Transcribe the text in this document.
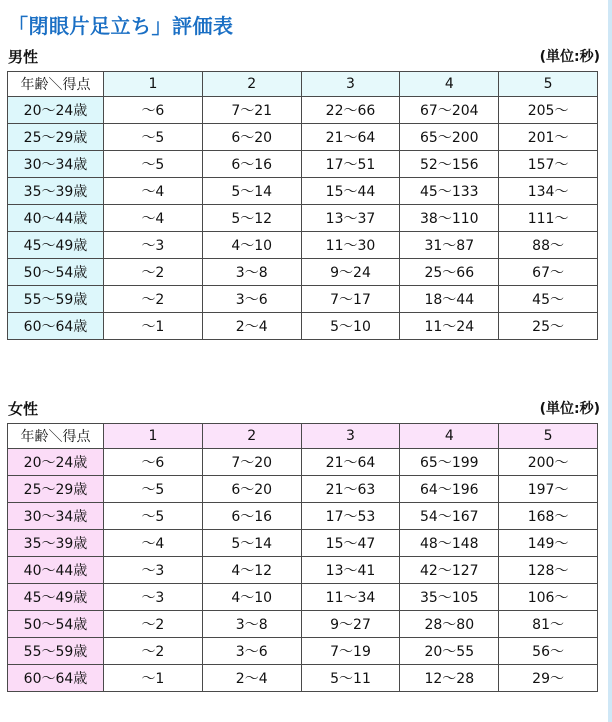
「閉眼片足立ち」評価表
男性	(単位:秒)
年齢＼得点	1	2	3	4	5
20～24歳	～6	7～21	22～66	67～204	205～
25～29歳	～5	6～20	21～64	65～200	201～
30～34歳	～5	6～16	17～51	52～156	157～
35～39歳	～4	5～14	15～44	45～133	134～
40～44歳	～4	5～12	13～37	38～110	111～
45～49歳	～3	4～10	11～30	31～87	88～
50～54歳	～2	3～8	9～24	25～66	67～
55～59歳	～2	3～6	7～17	18～44	45～
60～64歳	～1	2～4	5～10	11～24	25～
女性	(単位:秒)
年齢＼得点	1	2	3	4	5
20～24歳	～6	7～20	21～64	65～199	200～
25～29歳	～5	6～20	21～63	64～196	197～
30～34歳	～5	6～16	17～53	54～167	168～
35～39歳	～4	5～14	15～47	48～148	149～
40～44歳	～3	4～12	13～41	42～127	128～
45～49歳	～3	4～10	11～34	35～105	106～
50～54歳	～2	3～8	9～27	28～80	81～
55～59歳	～2	3～6	7～19	20～55	56～
60～64歳	～1	2～4	5～11	12～28	29～
